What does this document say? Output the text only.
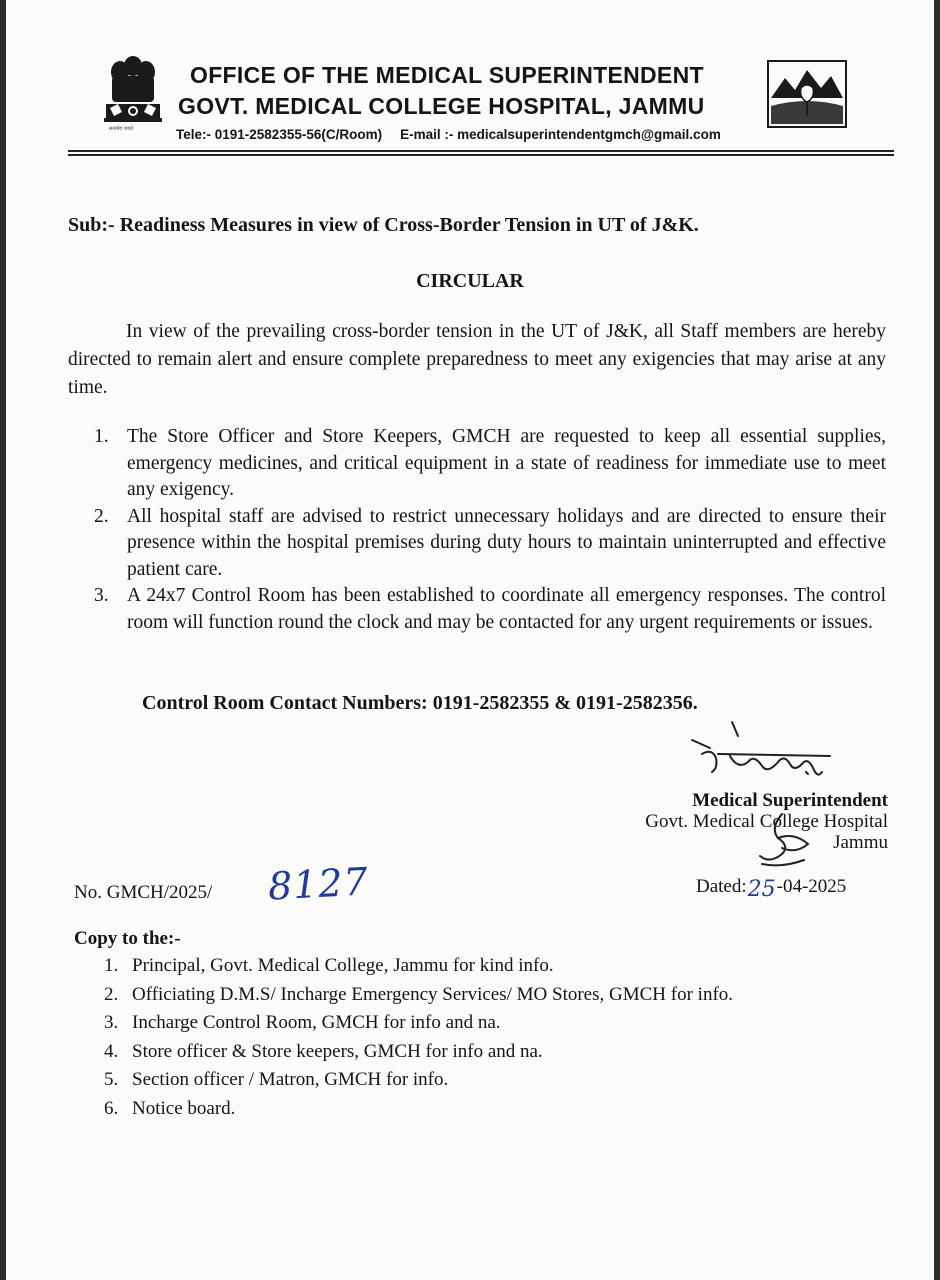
सत्यमेव जयते
OFFICE OF THE MEDICAL SUPERINTENDENT
GOVT. MEDICAL COLLEGE HOSPITAL, JAMMU
Tele:- 0191-2582355-56(C/Room) E-mail :- medicalsuperintendentgmch@gmail.com
Sub:- Readiness Measures in view of Cross-Border Tension in UT of J&K.
CIRCULAR
In view of the prevailing cross-border tension in the UT of J&K, all Staff members are hereby directed to remain alert and ensure complete preparedness to meet any exigencies that may arise at any time.
1. The Store Officer and Store Keepers, GMCH are requested to keep all essential supplies, emergency medicines, and critical equipment in a state of readiness for immediate use to meet any exigency.
2. All hospital staff are advised to restrict unnecessary holidays and are directed to ensure their presence within the hospital premises during duty hours to maintain uninterrupted and effective patient care.
3. A 24x7 Control Room has been established to coordinate all emergency responses. The control room will function round the clock and may be contacted for any urgent requirements or issues.
Control Room Contact Numbers: 0191-2582355 & 0191-2582356.
Medical Superintendent
Govt. Medical College Hospital
Jammu
No. GMCH/2025/ 8127	Dated:25-04-2025
Copy to the:-
1. Principal, Govt. Medical College, Jammu for kind info.
2. Officiating D.M.S/ Incharge Emergency Services/ MO Stores, GMCH for info.
3. Incharge Control Room, GMCH for info and na.
4. Store officer & Store keepers, GMCH for info and na.
5. Section officer / Matron, GMCH for info.
6. Notice board.
